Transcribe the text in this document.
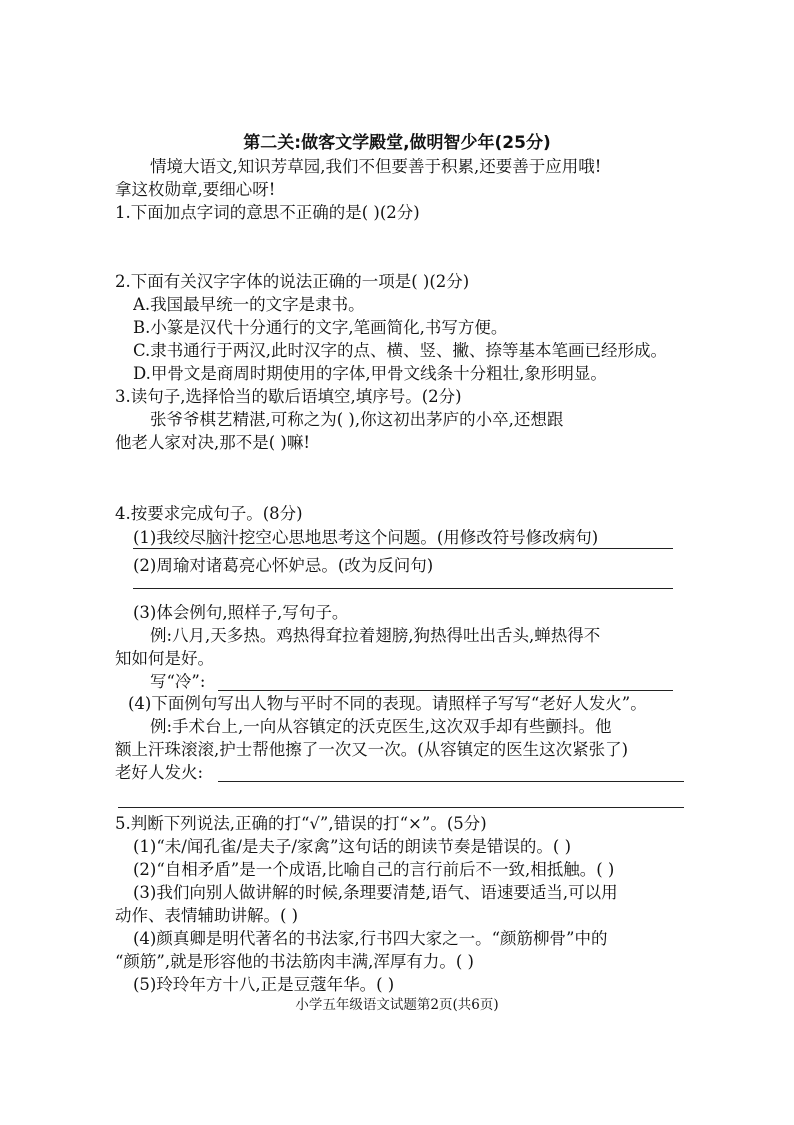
第二关:做客文学殿堂,做明智少年(25分)
情境大语文,知识芳草园,我们不但要善于积累,还要善于应用哦!
拿这枚勋章,要细心呀!
1.下面加点字词的意思不正确的是( )(2分)
2.下面有关汉字字体的说法正确的一项是( )(2分)
A.我国最早统一的文字是隶书。
B.小篆是汉代十分通行的文字,笔画简化,书写方便。
C.隶书通行于两汉,此时汉字的点、横、竖、撇、捺等基本笔画已经形成。
D.甲骨文是商周时期使用的字体,甲骨文线条十分粗壮,象形明显。
3.读句子,选择恰当的歇后语填空,填序号。(2分)
张爷爷棋艺精湛,可称之为( ),你这初出茅庐的小卒,还想跟
他老人家对决,那不是( )嘛!
4.按要求完成句子。(8分)
(1)我绞尽脑汁挖空心思地思考这个问题。(用修改符号修改病句)
(2)周瑜对诸葛亮心怀妒忌。(改为反问句)
(3)体会例句,照样子,写句子。
例:八月,天多热。鸡热得耷拉着翅膀,狗热得吐出舌头,蝉热得不
知如何是好。
写“冷”:
(4)下面例句写出人物与平时不同的表现。请照样子写写“老好人发火”。
例:手术台上,一向从容镇定的沃克医生,这次双手却有些颤抖。他
额上汗珠滚滚,护士帮他擦了一次又一次。(从容镇定的医生这次紧张了)
老好人发火:
5.判断下列说法,正确的打“√”,错误的打“×”。(5分)
(1)“未/闻孔雀/是夫子/家禽”这句话的朗读节奏是错误的。( )
(2)“自相矛盾”是一个成语,比喻自己的言行前后不一致,相抵触。( )
(3)我们向别人做讲解的时候,条理要清楚,语气、语速要适当,可以用
动作、表情辅助讲解。( )
(4)颜真卿是明代著名的书法家,行书四大家之一。“颜筋柳骨”中的
“颜筋”,就是形容他的书法筋肉丰满,浑厚有力。( )
(5)玲玲年方十八,正是豆蔻年华。( )
小学五年级语文试题第2页(共6页)
